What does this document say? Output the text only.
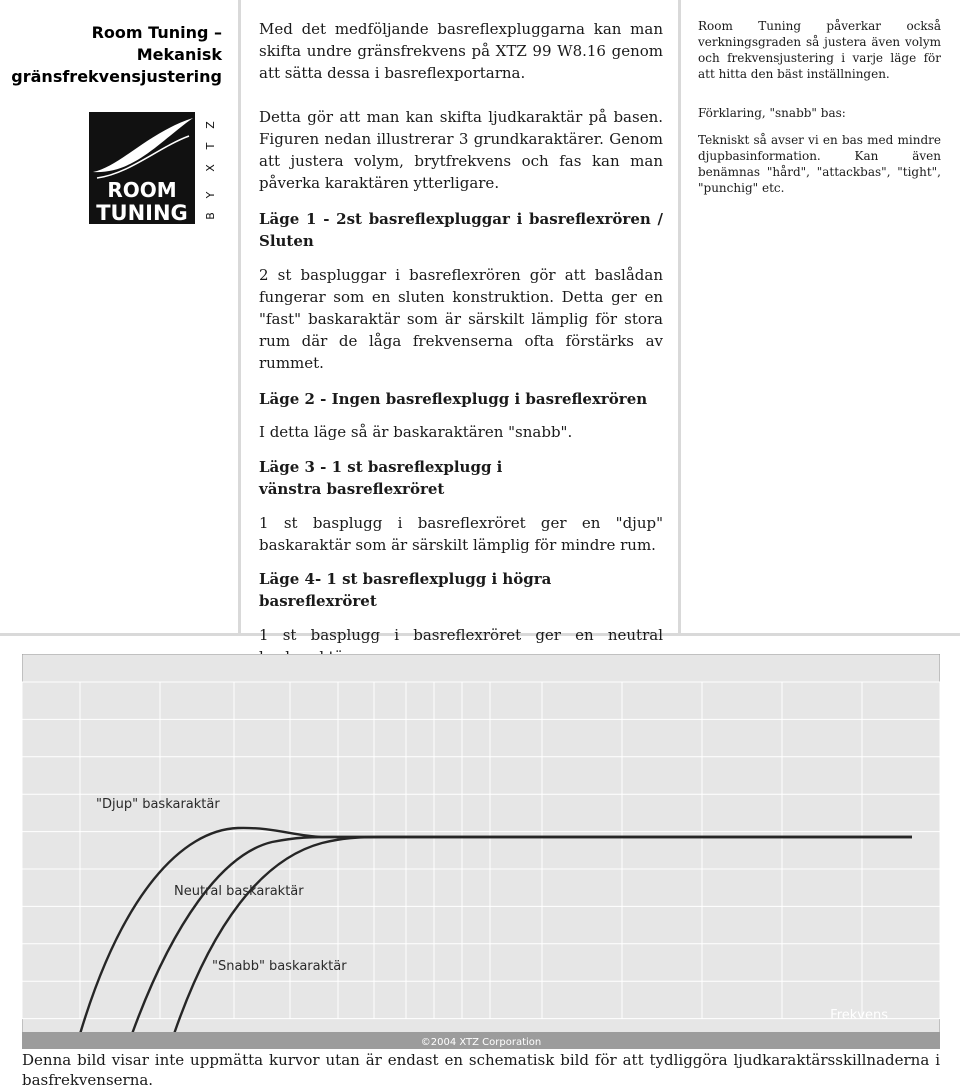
Room Tuning –
Mekanisk
gränsfrekvensjustering
ROOM
TUNING B
Y
X
T
Z

Med det medföljande basreflexpluggarna kan man skifta undre gränsfrekvens på XTZ 99 W8.16 genom att sätta dessa i basreflexportarna.

Detta gör att man kan skifta ljudkaraktär på basen. Figuren nedan illustrerar 3 grundkaraktärer. Genom att justera volym, brytfrekvens och fas kan man påverka karaktären ytterligare.

Läge 1 - 2st basreflexpluggar i basreflexrören / Sluten

2 st baspluggar i basreflexrören gör att baslådan fungerar som en sluten konstruktion. Detta ger en "fast" baskaraktär som är särskilt lämplig för stora rum där de låga frekvenserna ofta förstärks av rummet.

Läge 2 - Ingen basreflexplugg i basreflexrören

I detta läge så är baskaraktären "snabb".

Läge 3 - 1 st basreflexplugg i vänstra basreflexröret

1 st basplugg i basreflexröret ger en "djup" baskaraktär som är särskilt lämplig för mindre rum.

Läge 4- 1 st basreflexplugg i högra basreflexröret

1 st basplugg i basreflexröret ger en neutral

Room Tuning påverkar också verkningsgraden så justera även volym och frekvensjustering i varje läge för att hitta den bäst inställningen.

Förklaring, "snabb" bas:

Tekniskt så avser vi en bas med mindre djupbasinformation. Kan även benämnas "hård", "attackbas", "tight", "punchig" etc.

"Djup" baskaraktär
Neutral baskaraktär
"Snabb" baskaraktär
Frekvens
©2004 XTZ Corporation
Denna bild visar inte uppmätta kurvor utan är endast en schematisk bild för att tydliggöra ljudkaraktärsskillnaderna i basfrekvenserna.
